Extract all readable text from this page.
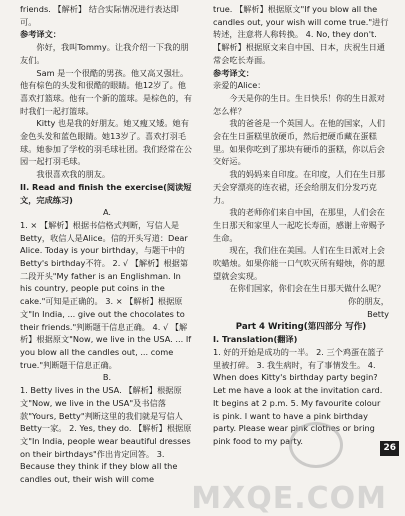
friends. 【解析】 结合实际情况进行表达即可。

参考译文：

你好，我叫Tommy。让我介绍一下我的朋友们。

Sam 是一个很酷的男孩。他又高又强壮。他有棕色的头发和很酷的眼睛。他12岁了。他喜欢打篮球。他有一个新的篮球。是棕色的，有时我们一起打篮球。

Kitty 也是我的好朋友。她又瘦又矮。她有金色头发和蓝色眼睛。她13岁了。喜欢打羽毛球。她参加了学校的羽毛球社团。我们经常在公园一起打羽毛球。

我很喜欢我的朋友。

II. Read and finish the exercise(阅读短文，完成练习)

A.

1. × 【解析】根据书信格式判断，写信人是Betty，收信人是Alice。信的开头写道：Dear Alice. Today is your birthday，与题干中的Betty's birthday不符。 2. √ 【解析】根据第二段开头"My father is an Englishman. In his country, people put coins in the cake."可知是正确的。 3. × 【解析】根据原文"In India, ... give out the chocolates to their friends."判断题干信息正确。 4. √ 【解析】根据原文"Now, we live in the USA. ... If you blow all the candles out, ... come true."判断题干信息正确。

B.

1. Betty lives in the USA. 【解析】根据原文"Now, we live in the USA"及书信落款"Yours, Betty"判断这里的我们就是写信人Betty一家。 2. Yes, they do. 【解析】根据原文"In India, people wear beautiful dresses on their birthdays"作出肯定回答。 3. Because they think if they blow all the candles out, their wish will come

true. 【解析】根据原文"If you blow all the candles out, your wish will come true."进行转述，注意将人称转换。 4. No, they don't. 【解析】根据原文来自中国、日本，庆祝生日通常会吃长寿面。

参考译文：

亲爱的Alice：

今天是你的生日。生日快乐！你的生日派对怎么样？

我的爸爸是一个英国人。在他的国家，人们会在生日蛋糕里放硬币，然后把硬币藏在蛋糕里。如果你吃到了那块有硬币的蛋糕，你以后会交好运。

我的妈妈来自印度。在印度，人们在生日那天会穿漂亮的连衣裙，还会给朋友们分发巧克力。

我的老师你们来自中国，在那里，人们会在生日那天和家里人一起吃长寿面，感谢上帝赐予生命。

现在，我们住在美国。人们在生日派对上会吹蜡烛。如果你能一口气吹灭所有蜡烛，你的愿望就会实现。

在你们国家，你们会在生日那天做什么呢？

你的朋友，

Betty

Part 4 Writing(第四部分 写作)

I. Translation(翻译)

1. 好的开始是成功的一半。 2. 三个鸡蛋在篮子里被打碎。 3. 我生病时，有了事情发生。 4. When does Kitty's birthday party begin? Let me have a look at the invitation card. It begins at 2 p.m. 5. My favourite colour is pink. I want to have a pink birthday party. Please wear pink clothes or bring pink food to my party.

MXQE.COM
26
